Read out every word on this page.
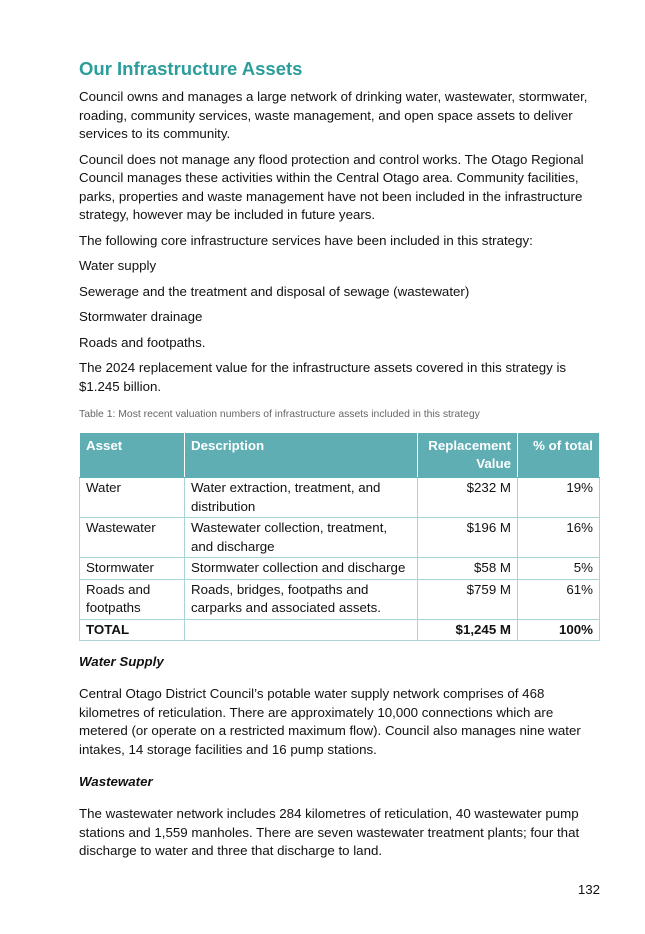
Our Infrastructure Assets

Council owns and manages a large network of drinking water, wastewater, stormwater, roading, community services, waste management, and open space assets to deliver services to its community.

Council does not manage any flood protection and control works. The Otago Regional Council manages these activities within the Central Otago area. Community facilities, parks, properties and waste management have not been included in the infrastructure strategy, however may be included in future years.

The following core infrastructure services have been included in this strategy:

Water supply

Sewerage and the treatment and disposal of sewage (wastewater)

Stormwater drainage

Roads and footpaths.

The 2024 replacement value for the infrastructure assets covered in this strategy is $1.245 billion.

Table 1: Most recent valuation numbers of infrastructure assets included in this strategy
Asset	Description	Replacement Value	% of total
Water	Water extraction, treatment, and distribution	$232 M	19%
Wastewater	Wastewater collection, treatment, and discharge	$196 M	16%
Stormwater	Stormwater collection and discharge	$58 M	5%
Roads and footpaths	Roads, bridges, footpaths and carparks and associated assets.	$759 M	61%
TOTAL		$1,245 M	100%
Water Supply

Central Otago District Council’s potable water supply network comprises of 468 kilometres of reticulation. There are approximately 10,000 connections which are metered (or operate on a restricted maximum flow). Council also manages nine water intakes, 14 storage facilities and 16 pump stations.

Wastewater

The wastewater network includes 284 kilometres of reticulation, 40 wastewater pump stations and 1,559 manholes. There are seven wastewater treatment plants; four that discharge to water and three that discharge to land.

132
